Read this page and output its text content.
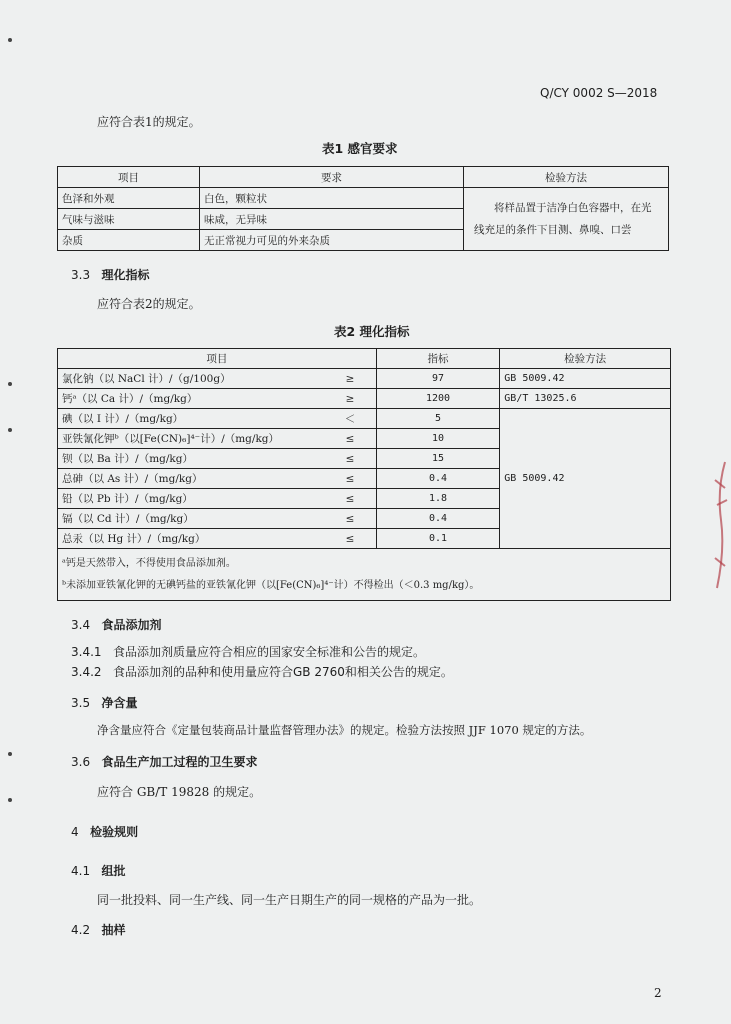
Q/CY 0002 S—2018
应符合表1的规定。
表1 感官要求
项目	要求	检验方法
色泽和外观	白色，颗粒状	将样品置于洁净白色容器中，在光线充足的条件下目测、鼻嗅、口尝
气味与滋味	味咸，无异味	
杂质	无正常视力可见的外来杂质	
3.3 理化指标
应符合表2的规定。
表2 理化指标
项目		指标	检验方法
氯化钠（以 NaCl 计）/（g/100g）	≥	97	GB 5009.42
钙ᵃ（以 Ca 计）/（mg/kg）	≥	1200	GB/T 13025.6
碘（以 I 计）/（mg/kg）	＜	5	GB 5009.42
亚铁氰化钾ᵇ（以[Fe(CN)₆]⁴⁻计）/（mg/kg）	≤	10	
钡（以 Ba 计）/（mg/kg）	≤	15	
总砷（以 As 计）/（mg/kg）	≤	0.4	
铅（以 Pb 计）/（mg/kg）	≤	1.8	
镉（以 Cd 计）/（mg/kg）	≤	0.4	
总汞（以 Hg 计）/（mg/kg）	≤	0.1	

ᵃ钙是天然带入，不得使用食品添加剂。
ᵇ未添加亚铁氰化钾的无碘钙盐的亚铁氰化钾（以[Fe(CN)₆]⁴⁻计）不得检出（＜0.3 mg/kg）。			
3.4 食品添加剂
3.4.1 食品添加剂质量应符合相应的国家安全标准和公告的规定。
3.4.2 食品添加剂的品种和使用量应符合GB 2760和相关公告的规定。
3.5 净含量
净含量应符合《定量包装商品计量监督管理办法》的规定。检验方法按照 JJF 1070 规定的方法。
3.6 食品生产加工过程的卫生要求
应符合 GB/T 19828 的规定。
4 检验规则
4.1 组批
同一批投料、同一生产线、同一生产日期生产的同一规格的产品为一批。
4.2 抽样
2
